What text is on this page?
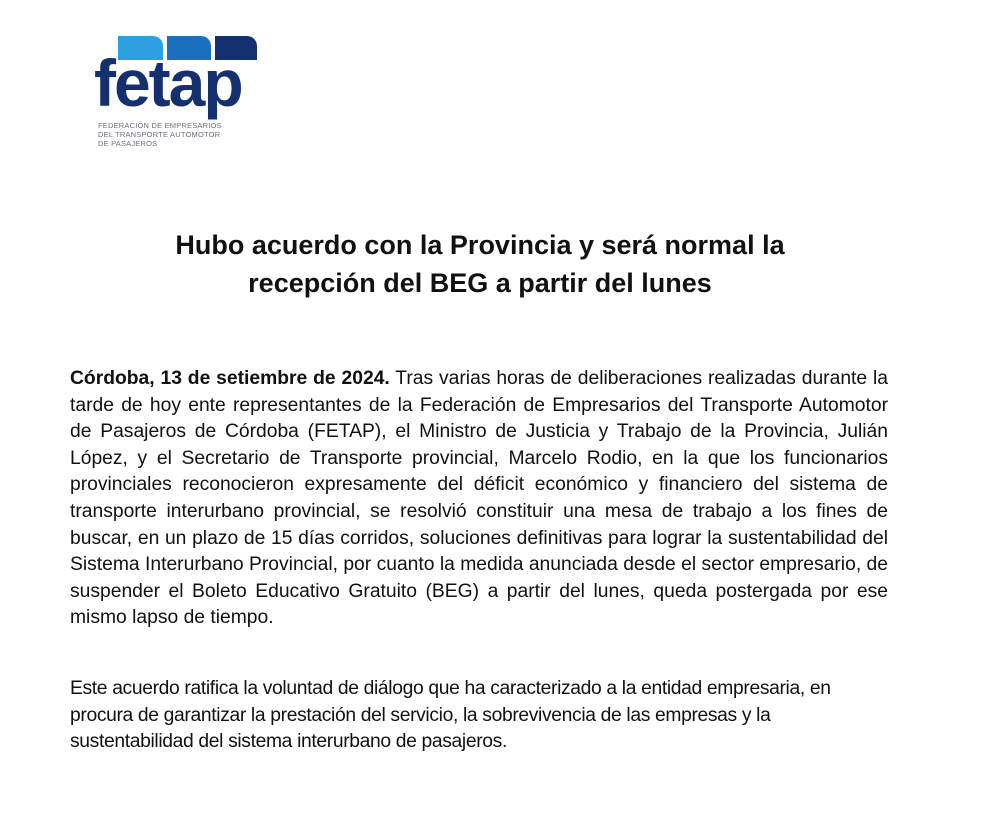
fetap
FEDERACIÓN DE EMPRESARIOS
DEL TRANSPORTE AUTOMOTOR
DE PASAJEROS
Hubo acuerdo con la Provincia y será normal la
recepción del BEG a partir del lunes

Córdoba, 13 de setiembre de 2024. Tras varias horas de deliberaciones realizadas durante la tarde de hoy ente representantes de la Federación de Empresarios del Transporte Automotor de Pasajeros de Córdoba (FETAP), el Ministro de Justicia y Trabajo de la Provincia, Julián López, y el Secretario de Transporte provincial, Marcelo Rodio, en la que los funcionarios provinciales reconocieron expresamente del déficit económico y financiero del sistema de transporte interurbano provincial, se resolvió constituir una mesa de trabajo a los fines de buscar, en un plazo de 15 días corridos, soluciones definitivas para lograr la sustentabilidad del Sistema Interurbano Provincial, por cuanto la medida anunciada desde el sector empresario, de suspender el Boleto Educativo Gratuito (BEG) a partir del lunes, queda postergada por ese mismo lapso de tiempo.

Este acuerdo ratifica la voluntad de diálogo que ha caracterizado a la entidad empresaria, en procura de garantizar la prestación del servicio, la sobrevivencia de las empresas y la sustentabilidad del sistema interurbano de pasajeros.
